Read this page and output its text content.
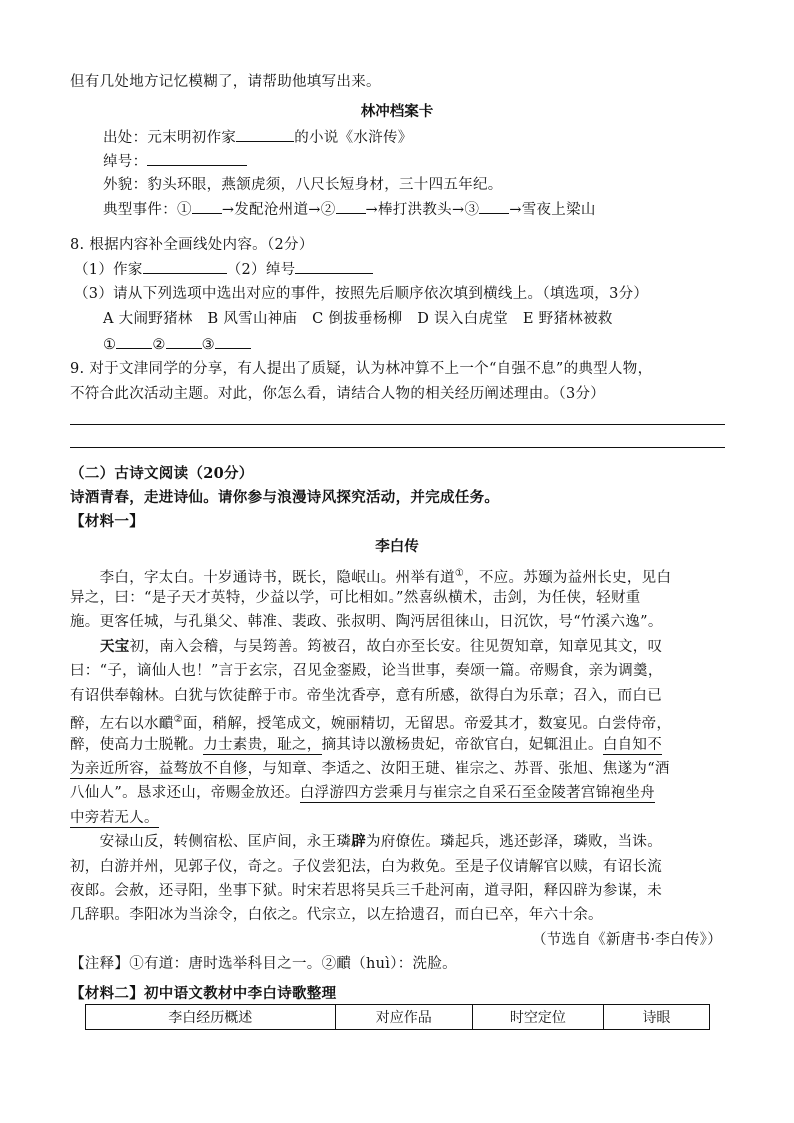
但有几处地方记忆模糊了，请帮助他填写出来。
林冲档案卡
出处：元末明初作家	的小说《水浒传》
绰号：
外貌：豹头环眼，燕颔虎须，八尺长短身材，三十四五年纪。
典型事件：① →发配沧州道→② →棒打洪教头→③ →雪夜上梁山
8. 根据内容补全画线处内容。（2分）
（1）作家	（2）绰号
（3）请从下列选项中选出对应的事件，按照先后顺序依次填到横线上。（填选项，3分）
A 大闹野猪林　B 风雪山神庙　C 倒拔垂杨柳　D 误入白虎堂　E 野猪林被救
① ② ③
9. 对于文津同学的分享，有人提出了质疑，认为林冲算不上一个“自强不息”的典型人物，
不符合此次活动主题。对此，你怎么看，请结合人物的相关经历阐述理由。（3分）
（二）古诗文阅读（20分）
诗酒青春，走进诗仙。请你参与浪漫诗风探究活动，并完成任务。
【材料一】
李白传
　　李白，字太白。十岁通诗书，既长，隐岷山。州举有道①，不应。苏颋为益州长史，见白
异之，曰：“是子天才英特，少益以学，可比相如。”然喜纵横术，击剑，为任侠，轻财重
施。更客任城，与孔巢父、韩准、裴政、张叔明、陶沔居徂徕山，日沉饮，号“竹溪六逸”。
天宝初，南入会稽，与吴筠善。筠被召，故白亦至长安。往见贺知章，知章见其文，叹
曰：“子，谪仙人也！”言于玄宗，召见金銮殿，论当世事，奏颂一篇。帝赐食，亲为调羹，
有诏供奉翰林。白犹与饮徒醉于市。帝坐沈香亭，意有所感，欲得白为乐章；召入，而白已
醉，左右以水靧②面，稍解，授笔成文，婉丽精切，无留思。帝爱其才，数宴见。白尝侍帝，
醉，使高力士脱靴。力士素贵，耻之，摘其诗以激杨贵妃，帝欲官白，妃辄沮止。白自知不
为亲近所容，益骜放不自修，与知章、李适之、汝阳王琎、崔宗之、苏晋、张旭、焦遂为“酒
八仙人”。恳求还山，帝赐金放还。白浮游四方尝乘月与崔宗之自采石至金陵著宫锦袍坐舟
中旁若无人。
　　安禄山反，转侧宿松、匡庐间，永王璘辟为府僚佐。璘起兵，逃还彭泽，璘败，当诛。
初，白游并州，见郭子仪，奇之。子仪尝犯法，白为救免。至是子仪请解官以赎，有诏长流
夜郎。会赦，还寻阳，坐事下狱。时宋若思将吴兵三千赴河南，道寻阳，释囚辟为参谋，未
几辞职。李阳冰为当涂令，白依之。代宗立，以左拾遗召，而白已卒，年六十余。
（节选自《新唐书·李白传》）
【注释】①有道：唐时选举科目之一。②靧（huì）：洗脸。
【材料二】初中语文教材中李白诗歌整理
李白经历概述	对应作品	时空定位	诗眼
